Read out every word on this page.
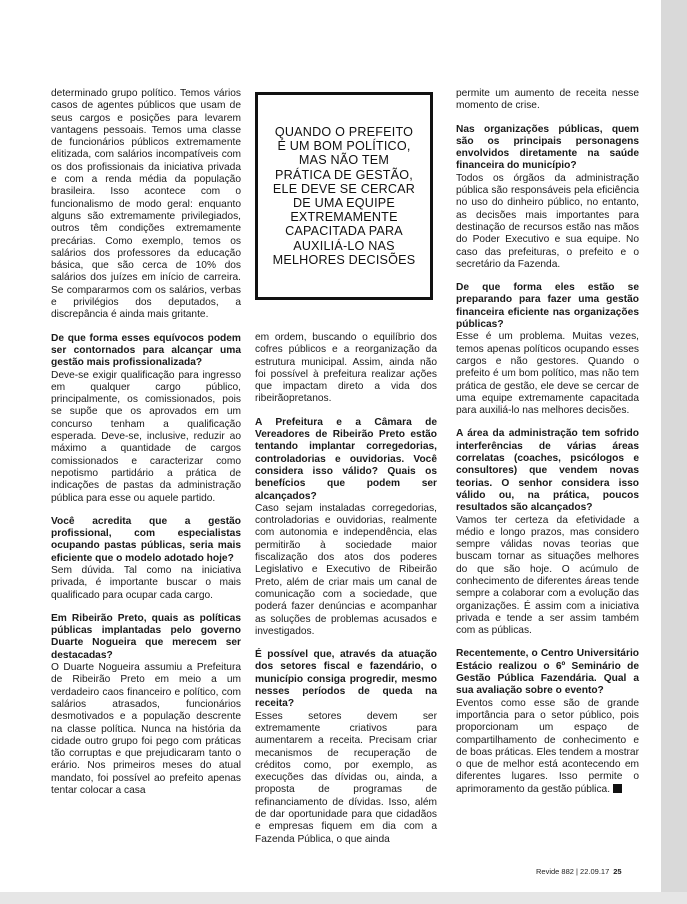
determinado grupo político. Temos vários casos de agentes públicos que usam de seus cargos e posições para levarem vantagens pessoais. Temos uma classe de funcionários públicos extremamente elitizada, com salários incompatíveis com os dos profissionais da iniciativa privada e com a renda média da população brasileira. Isso acontece com o funcionalismo de modo geral: enquanto alguns são extremamente privilegiados, outros têm condições extremamente precárias. Como exemplo, temos os salários dos professores da educação básica, que são cerca de 10% dos salários dos juízes em início de carreira. Se compararmos com os salários, verbas e privilégios dos deputados, a discrepância é ainda mais gritante.

De que forma esses equívocos podem ser contornados para alcançar uma gestão mais profissionalizada?

Deve-se exigir qualificação para ingresso em qualquer cargo público, principalmente, os comissionados, pois se supõe que os aprovados em um concurso tenham a qualificação esperada. Deve-se, inclusive, reduzir ao máximo a quantidade de cargos comissionados e caracterizar como nepotismo partidário a prática de indicações de pastas da administração pública para esse ou aquele partido.

Você acredita que a gestão profissional, com especialistas ocupando pastas públicas, seria mais eficiente que o modelo adotado hoje?

Sem dúvida. Tal como na iniciativa privada, é importante buscar o mais qualificado para ocupar cada cargo.

Em Ribeirão Preto, quais as políticas públicas implantadas pelo governo Duarte Nogueira que merecem ser destacadas?

O Duarte Nogueira assumiu a Prefeitura de Ribeirão Preto em meio a um verdadeiro caos financeiro e político, com salários atrasados, funcionários desmotivados e a população descrente na classe política. Nunca na história da cidade outro grupo foi pego com práticas tão corruptas e que prejudicaram tanto o erário. Nos primeiros meses do atual mandato, foi possível ao prefeito apenas tentar colocar a casa

QUANDO O PREFEITO É UM BOM POLÍTICO, MAS NÃO TEM PRÁTICA DE GESTÃO, ELE DEVE SE CERCAR DE UMA EQUIPE EXTREMAMENTE CAPACITADA PARA AUXILIÁ-LO NAS MELHORES DECISÕES

em ordem, buscando o equilíbrio dos cofres públicos e a reorganização da estrutura municipal. Assim, ainda não foi possível à prefeitura realizar ações que impactam direto a vida dos ribeirãopretanos.

A Prefeitura e a Câmara de Vereadores de Ribeirão Preto estão tentando implantar corregedorias, controladorias e ouvidorias. Você considera isso válido? Quais os benefícios que podem ser alcançados?

Caso sejam instaladas corregedorias, controladorias e ouvidorias, realmente com autonomia e independência, elas permitirão à sociedade maior fiscalização dos atos dos poderes Legislativo e Executivo de Ribeirão Preto, além de criar mais um canal de comunicação com a sociedade, que poderá fazer denúncias e acompanhar as soluções de problemas acusados e investigados.

É possível que, através da atuação dos setores fiscal e fazendário, o município consiga progredir, mesmo nesses períodos de queda na receita?

Esses setores devem ser extremamente criativos para aumentarem a receita. Precisam criar mecanismos de recuperação de créditos como, por exemplo, as execuções das dívidas ou, ainda, a proposta de programas de refinanciamento de dívidas. Isso, além de dar oportunidade para que cidadãos e empresas fiquem em dia com a Fazenda Pública, o que ainda

permite um aumento de receita nesse momento de crise.

Nas organizações públicas, quem são os principais personagens envolvidos diretamente na saúde financeira do município?

Todos os órgãos da administração pública são responsáveis pela eficiência no uso do dinheiro público, no entanto, as decisões mais importantes para destinação de recursos estão nas mãos do Poder Executivo e sua equipe. No caso das prefeituras, o prefeito e o secretário da Fazenda.

De que forma eles estão se preparando para fazer uma gestão financeira eficiente nas organizações públicas?

Esse é um problema. Muitas vezes, temos apenas políticos ocupando esses cargos e não gestores. Quando o prefeito é um bom político, mas não tem prática de gestão, ele deve se cercar de uma equipe extremamente capacitada para auxiliá-lo nas melhores decisões.

A área da administração tem sofrido interferências de várias áreas correlatas (coaches, psicólogos e consultores) que vendem novas teorias. O senhor considera isso válido ou, na prática, poucos resultados são alcançados?

Vamos ter certeza da efetividade a médio e longo prazos, mas considero sempre válidas novas teorias que buscam tornar as situações melhores do que são hoje. O acúmulo de conhecimento de diferentes áreas tende sempre a colaborar com a evolução das organizações. É assim com a iniciativa privada e tende a ser assim também com as públicas.

Recentemente, o Centro Universitário Estácio realizou o 6º Seminário de Gestão Pública Fazendária. Qual a sua avaliação sobre o evento?

Eventos como esse são de grande importância para o setor público, pois proporcionam um espaço de compartilhamento de conhecimento e de boas práticas. Eles tendem a mostrar o que de melhor está acontecendo em diferentes lugares. Isso permite o aprimoramento da gestão pública.

Revide 882 | 22.09.17 25
